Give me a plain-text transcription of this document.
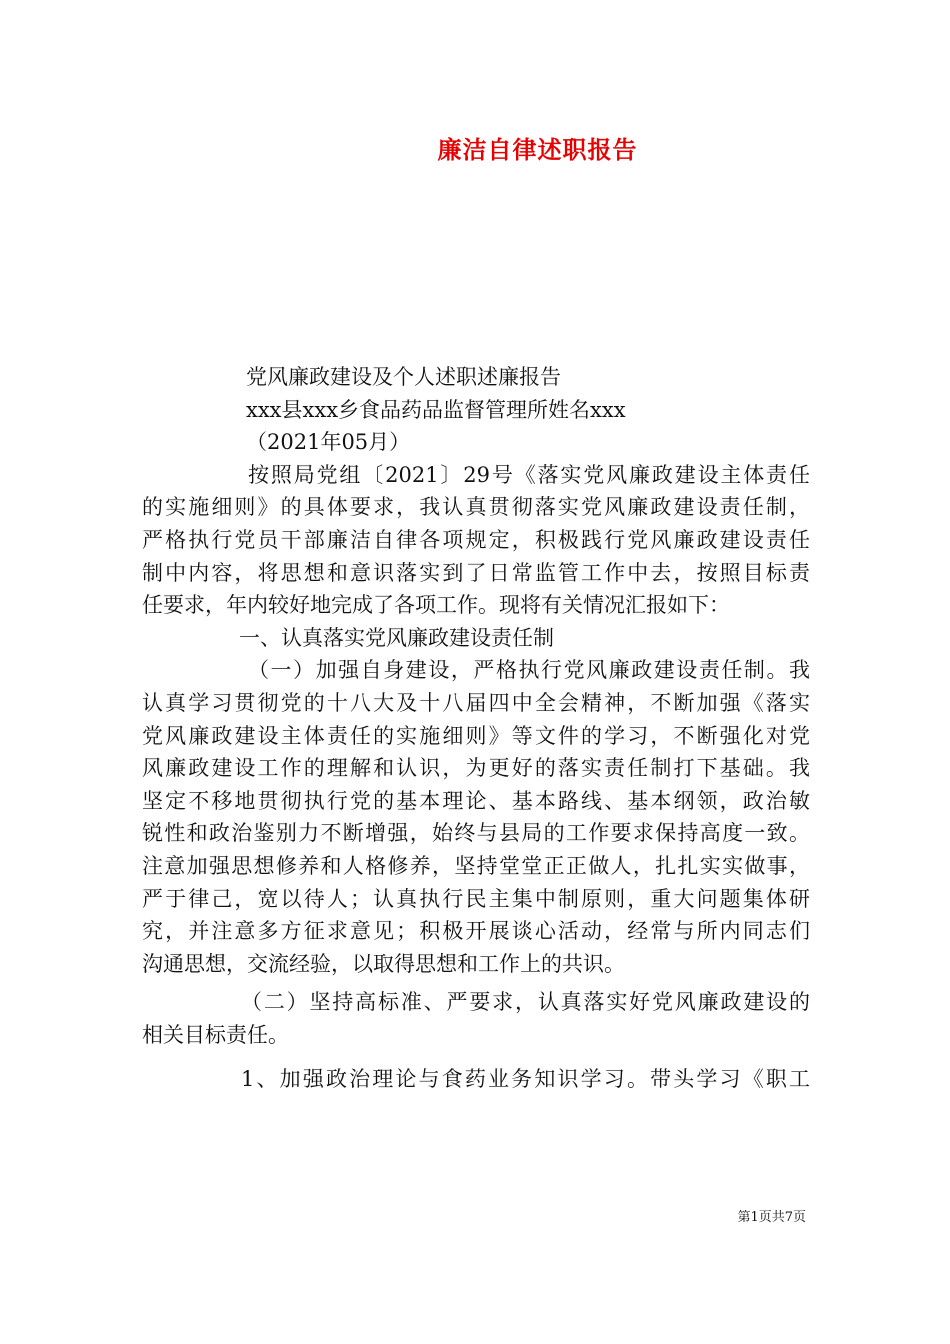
廉洁自律述职报告
党风廉政建设及个人述职述廉报告
xxx县xxx乡食品药品监督管理所姓名xxx
（2021年05月）
按照局党组〔2021〕29号《落实党风廉政建设主体责任
的实施细则》的具体要求，我认真贯彻落实党风廉政建设责任制，
严格执行党员干部廉洁自律各项规定，积极践行党风廉政建设责任
制中内容，将思想和意识落实到了日常监管工作中去，按照目标责
任要求，年内较好地完成了各项工作。现将有关情况汇报如下：
一、认真落实党风廉政建设责任制
（一）加强自身建设，严格执行党风廉政建设责任制。我
认真学习贯彻党的十八大及十八届四中全会精神，不断加强《落实
党风廉政建设主体责任的实施细则》等文件的学习，不断强化对党
风廉政建设工作的理解和认识，为更好的落实责任制打下基础。我
坚定不移地贯彻执行党的基本理论、基本路线、基本纲领，政治敏
锐性和政治鉴别力不断增强，始终与县局的工作要求保持高度一致。
注意加强思想修养和人格修养，坚持堂堂正正做人，扎扎实实做事，
严于律己，宽以待人；认真执行民主集中制原则，重大问题集体研
究，并注意多方征求意见；积极开展谈心活动，经常与所内同志们
沟通思想，交流经验，以取得思想和工作上的共识。
（二）坚持高标准、严要求，认真落实好党风廉政建设的
相关目标责任。
1、加强政治理论与食药业务知识学习。带头学习《职工
第1页共7页
